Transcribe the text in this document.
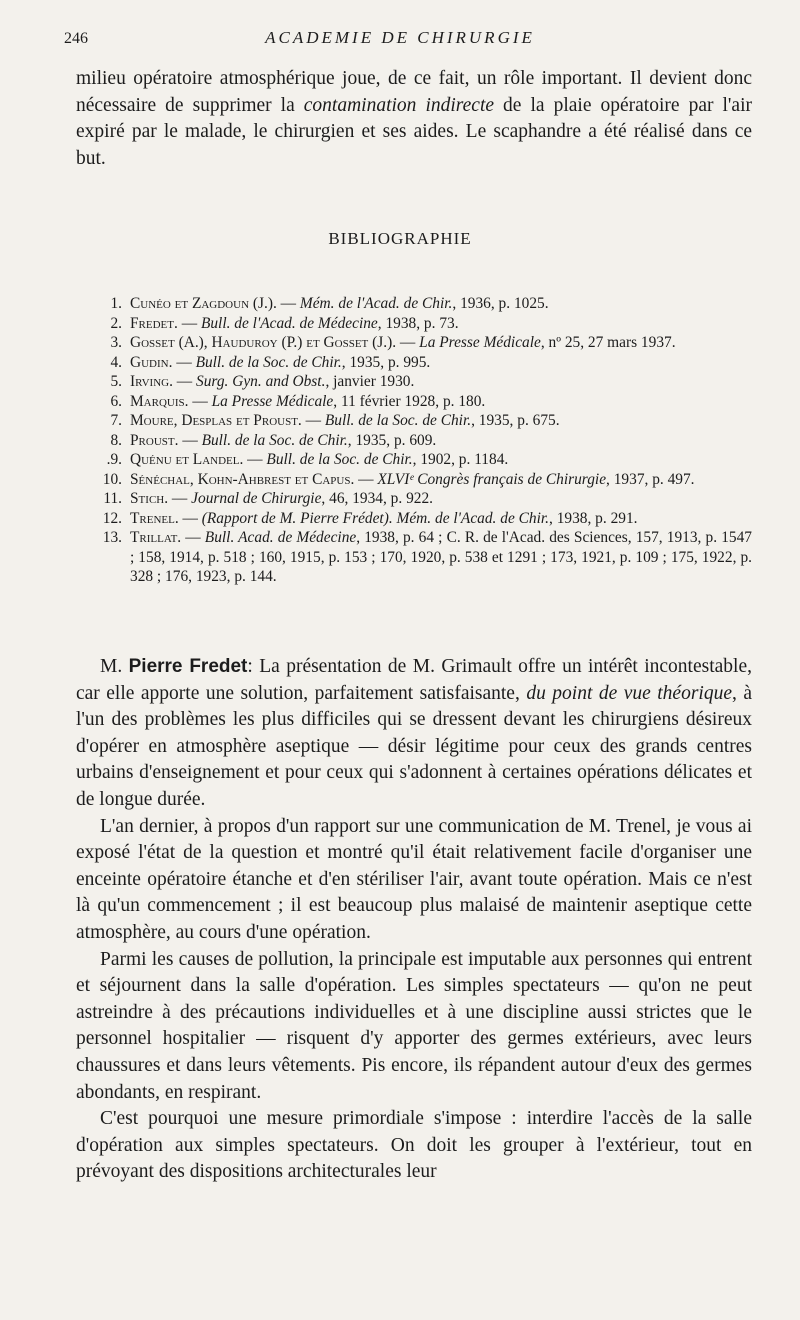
246	ACADEMIE DE CHIRURGIE

milieu opératoire atmosphérique joue, de ce fait, un rôle important. Il devient donc nécessaire de supprimer la contamination indirecte de la plaie opératoire par l'air expiré par le malade, le chirurgien et ses aides. Le scaphandre a été réalisé dans ce but.

BIBLIOGRAPHIE
1. Cunéo et Zagdoun (J.). — Mém. de l'Acad. de Chir., 1936, p. 1025.
2. Fredet. — Bull. de l'Acad. de Médecine, 1938, p. 73.
3. Gosset (A.), Hauduroy (P.) et Gosset (J.). — La Presse Médicale, nº 25, 27 mars 1937.
4. Gudin. — Bull. de la Soc. de Chir., 1935, p. 995.
5. Irving. — Surg. Gyn. and Obst., janvier 1930.
6. Marquis. — La Presse Médicale, 11 février 1928, p. 180.
7. Moure, Desplas et Proust. — Bull. de la Soc. de Chir., 1935, p. 675.
8. Proust. — Bull. de la Soc. de Chir., 1935, p. 609.
.9. Quénu et Landel. — Bull. de la Soc. de Chir., 1902, p. 1184.
10. Sénéchal, Kohn-Ahbrest et Capus. — XLVIᵉ Congrès français de Chirurgie, 1937, p. 497.
11. Stich. — Journal de Chirurgie, 46, 1934, p. 922.
12. Trenel. — (Rapport de M. Pierre Frédet). Mém. de l'Acad. de Chir., 1938, p. 291.
13. Trillat. — Bull. Acad. de Médecine, 1938, p. 64 ; C. R. de l'Acad. des Sciences, 157, 1913, p. 1547 ; 158, 1914, p. 518 ; 160, 1915, p. 153 ; 170, 1920, p. 538 et 1291 ; 173, 1921, p. 109 ; 175, 1922, p. 328 ; 176, 1923, p. 144.

M. Pierre Fredet: La présentation de M. Grimault offre un intérêt incontestable, car elle apporte une solution, parfaitement satisfaisante, du point de vue théorique, à l'un des problèmes les plus difficiles qui se dressent devant les chirurgiens désireux d'opérer en atmosphère aseptique — désir légitime pour ceux des grands centres urbains d'enseignement et pour ceux qui s'adonnent à certaines opérations délicates et de longue durée.

L'an dernier, à propos d'un rapport sur une communication de M. Trenel, je vous ai exposé l'état de la question et montré qu'il était relativement facile d'organiser une enceinte opératoire étanche et d'en stériliser l'air, avant toute opération. Mais ce n'est là qu'un commencement ; il est beaucoup plus malaisé de maintenir aseptique cette atmosphère, au cours d'une opération.

Parmi les causes de pollution, la principale est imputable aux personnes qui entrent et séjournent dans la salle d'opération. Les simples spectateurs — qu'on ne peut astreindre à des précautions individuelles et à une discipline aussi strictes que le personnel hospitalier — risquent d'y apporter des germes extérieurs, avec leurs chaussures et dans leurs vêtements. Pis encore, ils répandent autour d'eux des germes abondants, en respirant.

C'est pourquoi une mesure primordiale s'impose : interdire l'accès de la salle d'opération aux simples spectateurs. On doit les grouper à l'extérieur, tout en prévoyant des dispositions architecturales leur
